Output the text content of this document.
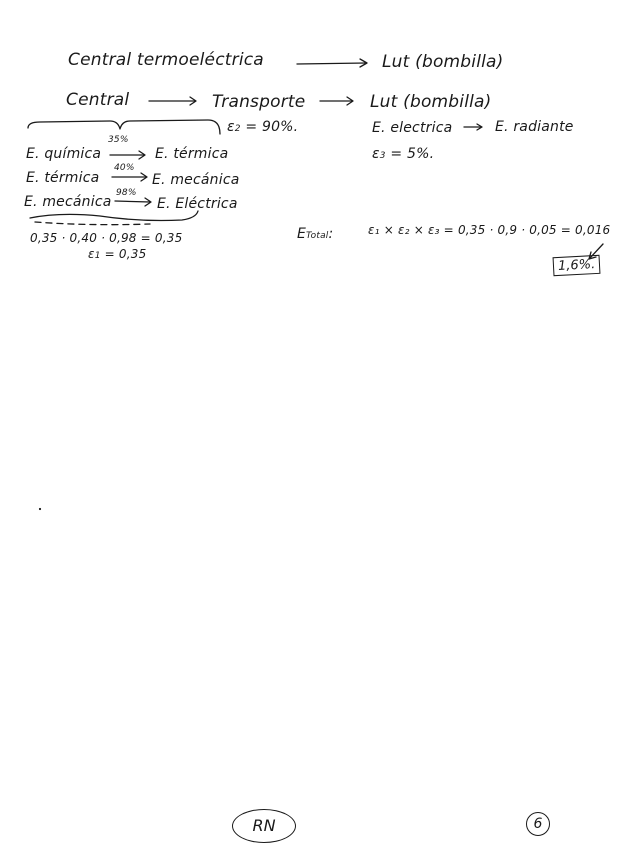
Central termoeléctrica	Lut (bombilla)
Central	Transporte	Lut (bombilla)
ε2 = 90%.	E. electrica	E. radiante
ε3 = 5%.
E. química
35%
E. térmica
E. térmica
40%
E. mecánica
E. mecánica
98%
E. Eléctrica
0,35 · 0,40 · 0,98 = 0,35
ε1 = 0,35
ETotal:	ε₁ × ε₂ × ε₃ = 0,35 · 0,9 · 0,05 = 0,016
1,6%.
RN	6
